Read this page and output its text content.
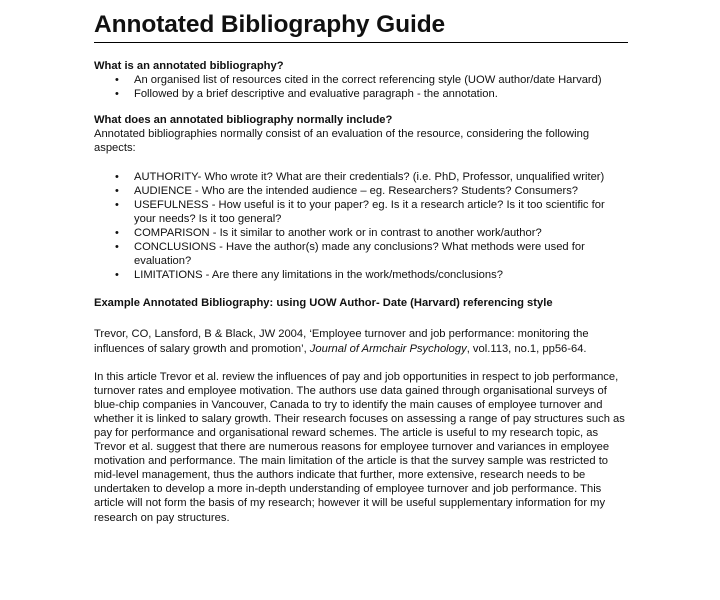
Annotated Bibliography Guide
What is an annotated bibliography?
• An organised list of resources cited in the correct referencing style (UOW author/date Harvard)
• Followed by a brief descriptive and evaluative paragraph - the annotation.
What does an annotated bibliography normally include?

Annotated bibliographies normally consist of an evaluation of the resource, considering the following aspects:

• AUTHORITY- Who wrote it? What are their credentials? (i.e. PhD, Professor, unqualified writer)
• AUDIENCE - Who are the intended audience – eg. Researchers? Students? Consumers?
• USEFULNESS - How useful is it to your paper? eg. Is it a research article? Is it too scientific for your needs? Is it too general?
• COMPARISON - Is it similar to another work or in contrast to another work/author?
• CONCLUSIONS - Have the author(s) made any conclusions? What methods were used for evaluation?
• LIMITATIONS - Are there any limitations in the work/methods/conclusions?
Example Annotated Bibliography: using UOW Author- Date (Harvard) referencing style

Trevor, CO, Lansford, B & Black, JW 2004, ‘Employee turnover and job performance: monitoring the influences of salary growth and promotion’, Journal of Armchair Psychology, vol.113, no.1, pp56-64.

In this article Trevor et al. review the influences of pay and job opportunities in respect to job performance, turnover rates and employee motivation. The authors use data gained through organisational surveys of blue-chip companies in Vancouver, Canada to try to identify the main causes of employee turnover and whether it is linked to salary growth. Their research focuses on assessing a range of pay structures such as pay for performance and organisational reward schemes. The article is useful to my research topic, as Trevor et al. suggest that there are numerous reasons for employee turnover and variances in employee motivation and performance. The main limitation of the article is that the survey sample was restricted to mid-level management, thus the authors indicate that further, more extensive, research needs to be undertaken to develop a more in-depth understanding of employee turnover and job performance. This article will not form the basis of my research; however it will be useful supplementary information for my research on pay structures.
